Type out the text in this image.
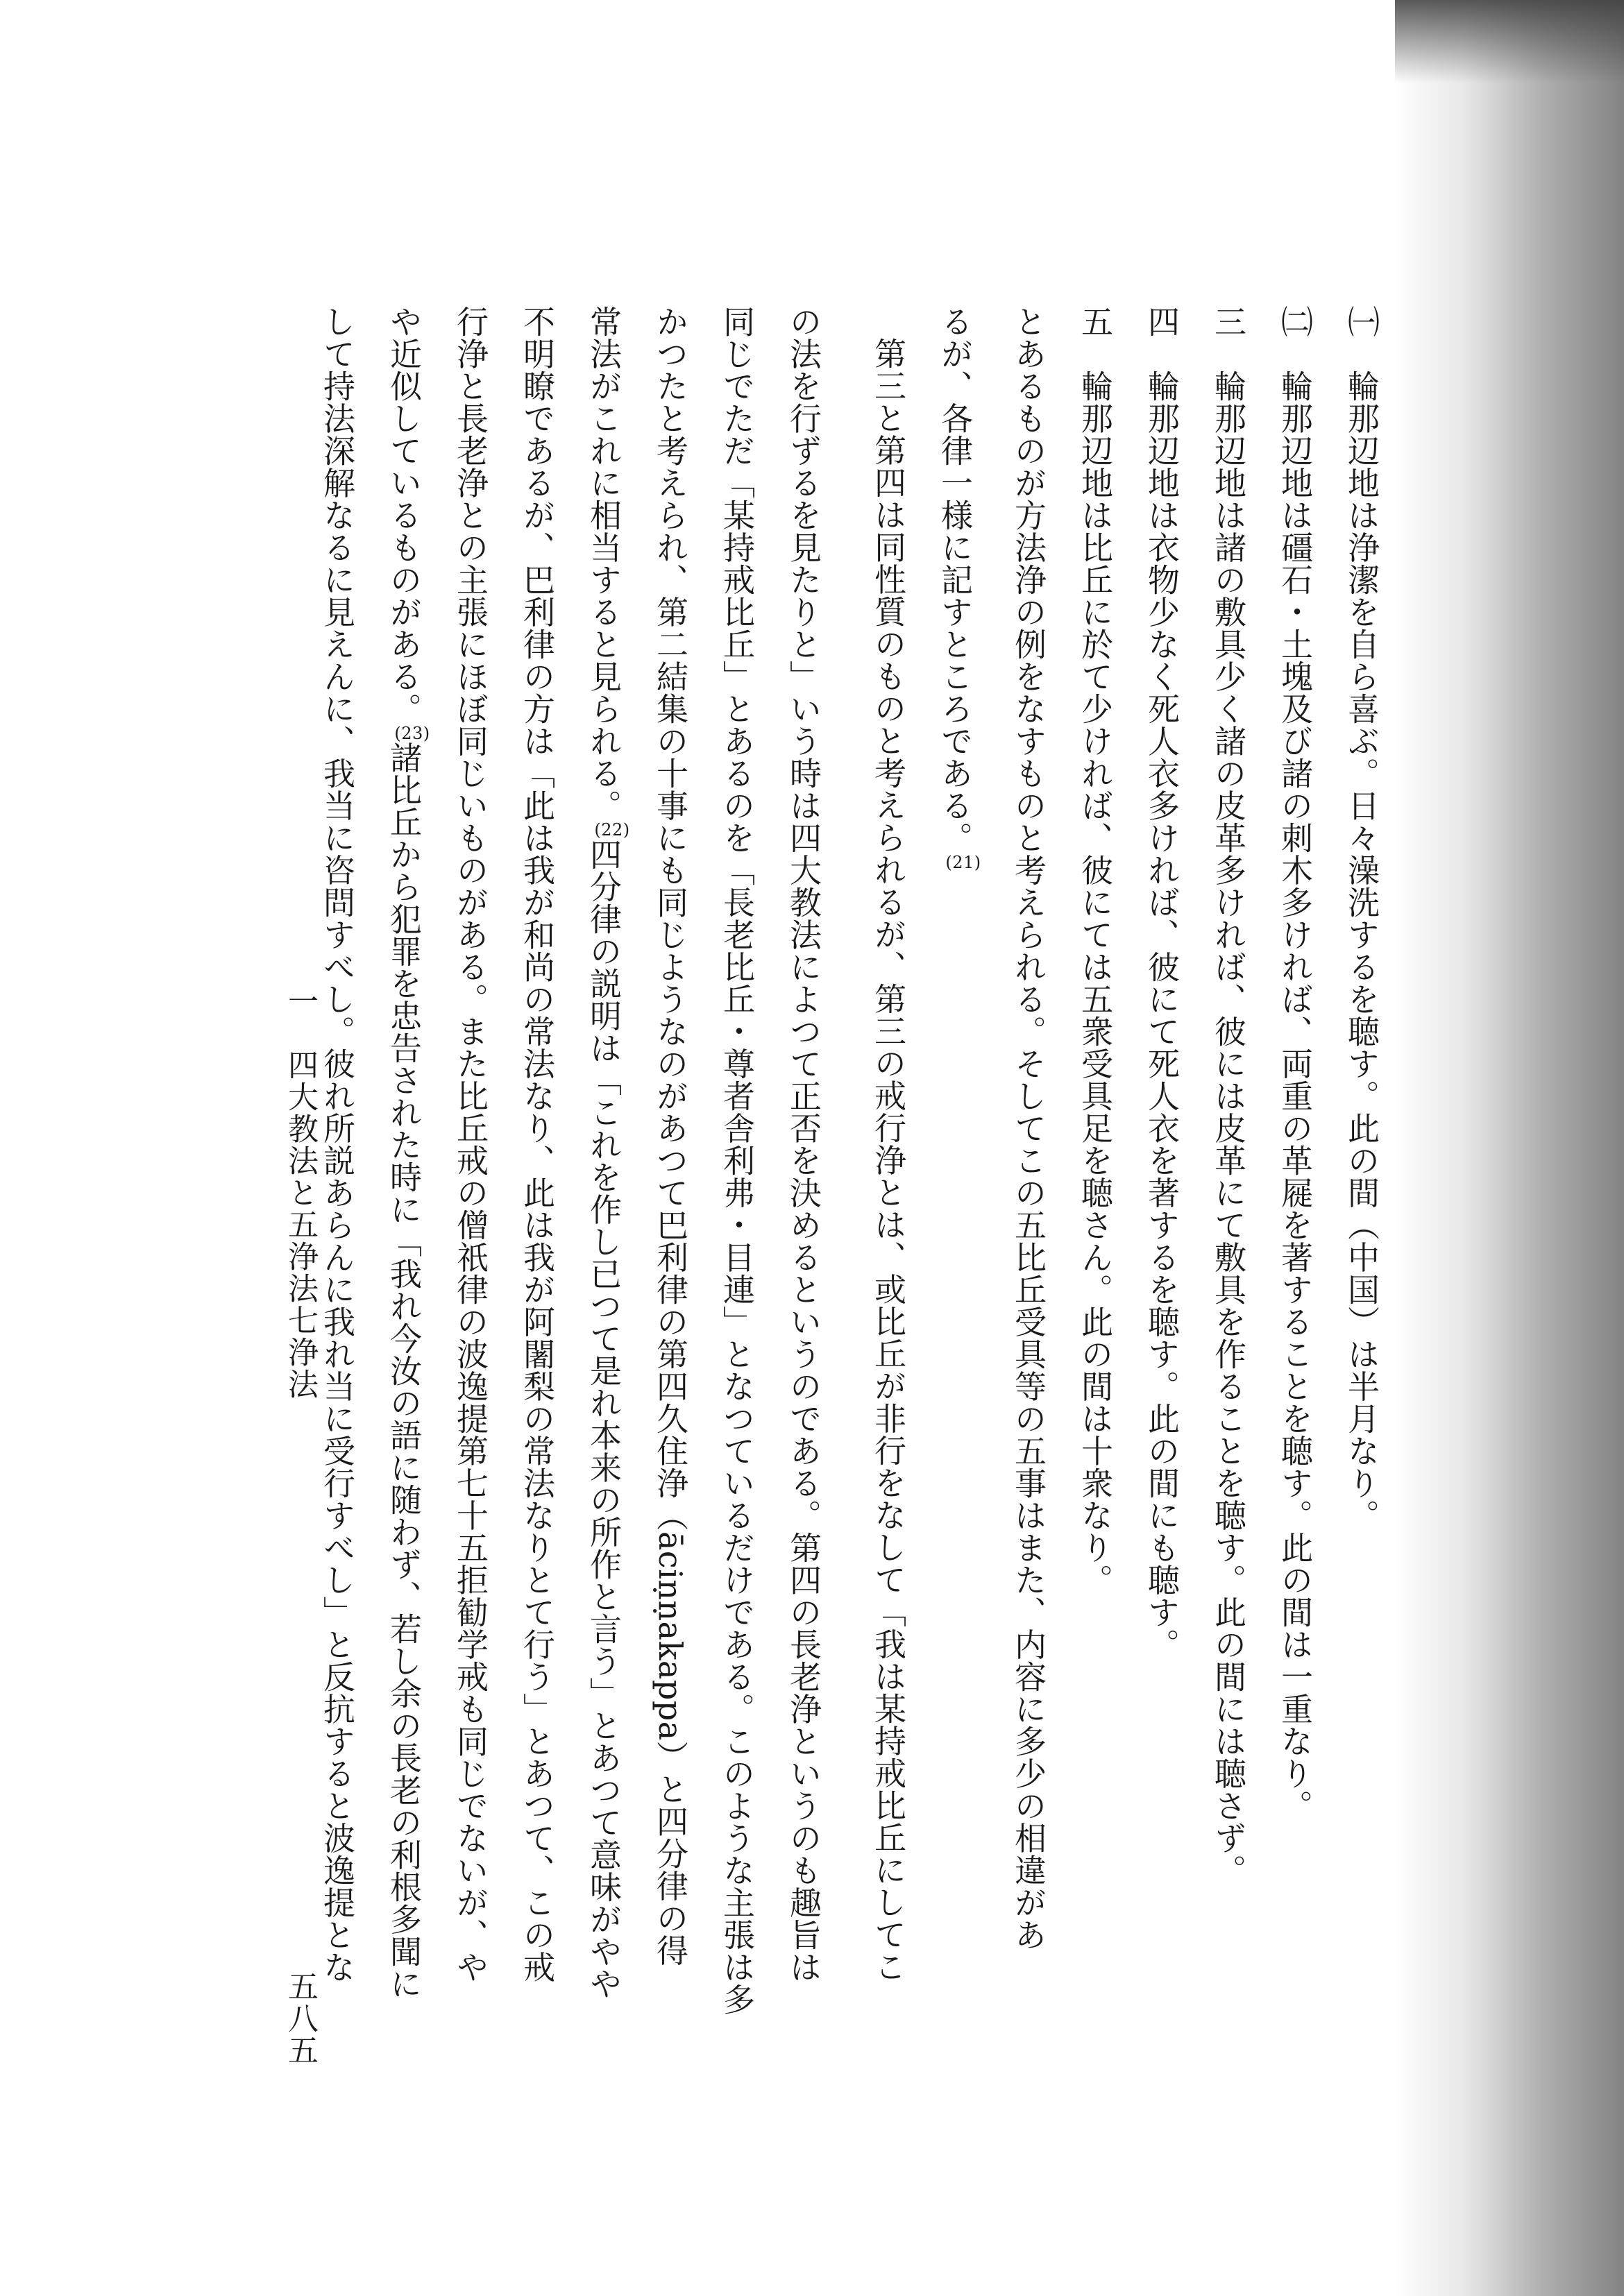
㈠　輪那辺地は浄潔を自ら喜ぶ。日々澡洗するを聴す。此の間（中国）は半月なり。
㈡　輪那辺地は礓石・土塊及び諸の刺木多ければ、両重の革屣を著することを聴す。此の間は一重なり。
三　輪那辺地は諸の敷具少く諸の皮革多ければ、彼には皮革にて敷具を作ることを聴す。此の間には聴さず。
四　輪那辺地は衣物少なく死人衣多ければ、彼にて死人衣を著するを聴す。此の間にも聴す。
五　輪那辺地は比丘に於て少ければ、彼にては五衆受具足を聴さん。此の間は十衆なり。
とあるものが方法浄の例をなすものと考えられる。そしてこの五比丘受具等の五事はまた、内容に多少の相違があ
るが、各律一様に記すところである。(21)
第三と第四は同性質のものと考えられるが、第三の戒行浄とは、或比丘が非行をなして「我は某持戒比丘にしてこ
の法を行ずるを見たりと」いう時は四大教法によつて正否を決めるというのである。第四の長老浄というのも趣旨は
同じでただ「某持戒比丘」とあるのを「長老比丘・尊者舎利弗・目連」となつているだけである。このような主張は多
かつたと考えられ、第二結集の十事にも同じようなのがあつて巴利律の第四久住浄（āciṇṇakappa）と四分律の得
常法がこれに相当すると見られる。(22)四分律の説明は「これを作し已つて是れ本来の所作と言う」とあつて意味がやや
不明瞭であるが、巴利律の方は「此は我が和尚の常法なり、此は我が阿闍梨の常法なりとて行う」とあつて、この戒
行浄と長老浄との主張にほぼ同じいものがある。また比丘戒の僧祇律の波逸提第七十五拒勧学戒も同じでないが、や
や近似しているものがある。(23)諸比丘から犯罪を忠告された時に「我れ今汝の語に随わず、若し余の長老の利根多聞に
して持法深解なるに見えんに、我当に咨問すべし。彼れ所説あらんに我れ当に受行すべし」と反抗すると波逸提とな
一　四大教法と五浄法七浄法
五八五
